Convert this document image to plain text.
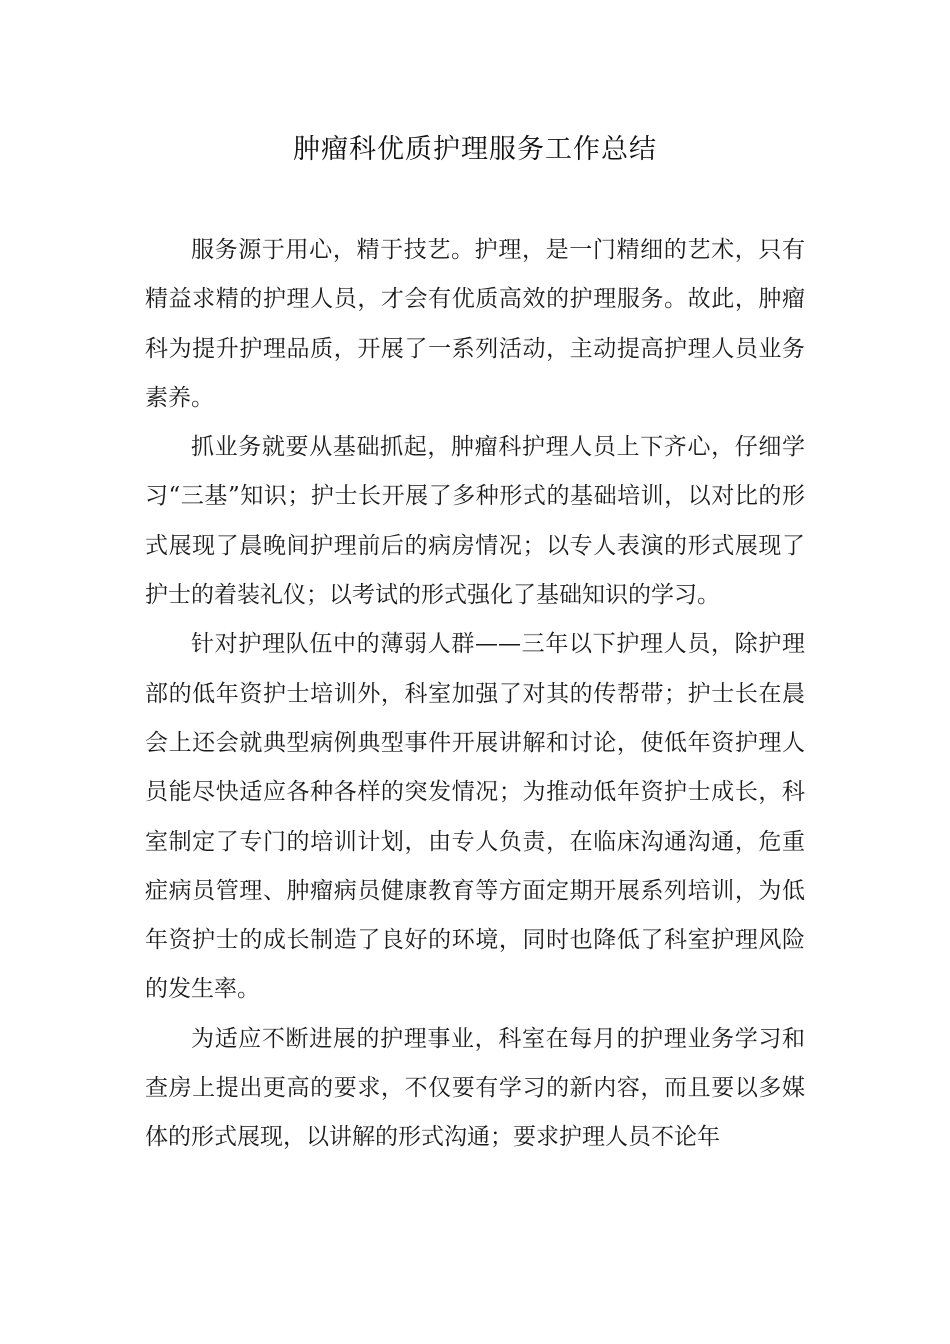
肿瘤科优质护理服务工作总结

服务源于用心，精于技艺。护理，是一门精细的艺术，只有精益求精的护理人员，才会有优质高效的护理服务。故此，肿瘤科为提升护理品质，开展了一系列活动，主动提高护理人员业务素养。

抓业务就要从基础抓起，肿瘤科护理人员上下齐心，仔细学习“三基”知识；护士长开展了多种形式的基础培训，以对比的形式展现了晨晚间护理前后的病房情况；以专人表演的形式展现了护士的着装礼仪；以考试的形式强化了基础知识的学习。

针对护理队伍中的薄弱人群——三年以下护理人员，除护理部的低年资护士培训外，科室加强了对其的传帮带；护士长在晨会上还会就典型病例典型事件开展讲解和讨论，使低年资护理人员能尽快适应各种各样的突发情况；为推动低年资护士成长，科室制定了专门的培训计划，由专人负责，在临床沟通沟通，危重症病员管理、肿瘤病员健康教育等方面定期开展系列培训，为低年资护士的成长制造了良好的环境，同时也降低了科室护理风险的发生率。

为适应不断进展的护理事业，科室在每月的护理业务学习和查房上提出更高的要求，不仅要有学习的新内容，而且要以多媒体的形式展现，以讲解的形式沟通；要求护理人员不论年
